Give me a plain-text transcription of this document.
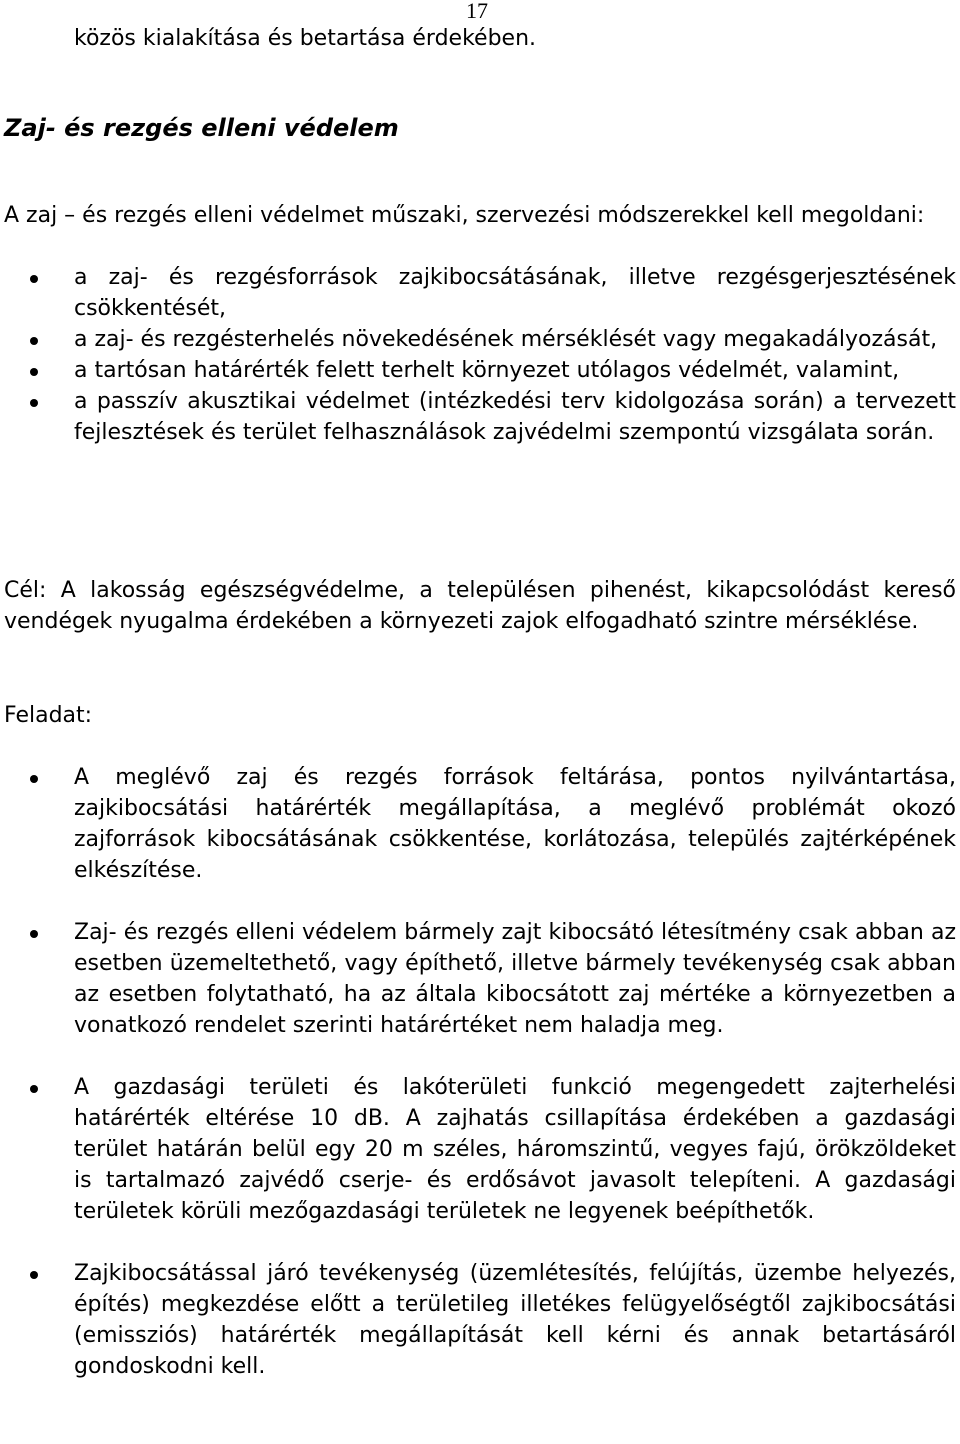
17
közös kialakítása és betartása érdekében.
Zaj- és rezgés elleni védelem
A zaj – és rezgés elleni védelmet műszaki, szervezési módszerekkel kell megoldani:
a zaj- és rezgésforrások zajkibocsátásának, illetve rezgésgerjesztésének csökkentését,
a zaj- és rezgésterhelés növekedésének mérséklését vagy megakadályozását,
a tartósan határérték felett terhelt környezet utólagos védelmét, valamint,
a passzív akusztikai védelmet (intézkedési terv kidolgozása során) a tervezett fejlesztések és terület felhasználások zajvédelmi szempontú vizsgálata során.
Cél: A lakosság egészségvédelme, a településen pihenést, kikapcsolódást kereső vendégek nyugalma érdekében a környezeti zajok elfogadható szintre mérséklése.
Feladat:
A meglévő zaj és rezgés források feltárása, pontos nyilvántartása, zajkibocsátási határérték megállapítása, a meglévő problémát okozó zajforrások kibocsátásának csökkentése, korlátozása, település zajtérképének elkészítése.
Zaj- és rezgés elleni védelem bármely zajt kibocsátó létesítmény csak abban az esetben üzemeltethető, vagy építhető, illetve bármely tevékenység csak abban az esetben folytatható, ha az általa kibocsátott zaj mértéke a környezetben a vonatkozó rendelet szerinti határértéket nem haladja meg.
A gazdasági területi és lakóterületi funkció megengedett zajterhelési határérték eltérése 10 dB. A zajhatás csillapítása érdekében a gazdasági terület határán belül egy 20 m széles, háromszintű, vegyes fajú, örökzöldeket is tartalmazó zajvédő cserje- és erdősávot javasolt telepíteni. A gazdasági területek körüli mezőgazdasági területek ne legyenek beépíthetők.
Zajkibocsátással járó tevékenység (üzemlétesítés, felújítás, üzembe helyezés, építés) megkezdése előtt a területileg illetékes felügyelőségtől zajkibocsátási (emissziós) határérték megállapítását kell kérni és annak betartásáról gondoskodni kell.
